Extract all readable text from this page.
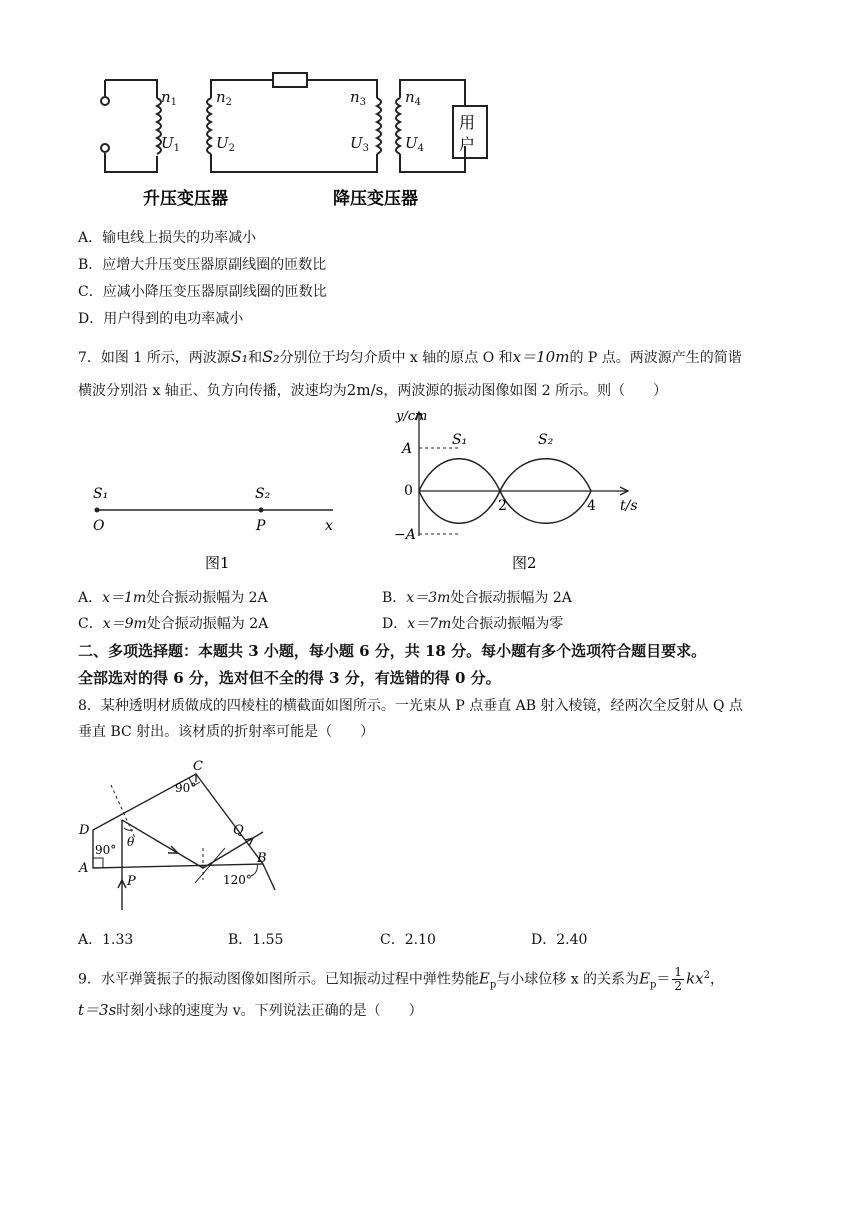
$n_1$
$U_1$
$n_2$
$U_2$
$n_3$
$U_3$
$n_4$
$U_4$
用
户
升压变压器	降压变压器
A．输电线上损失的功率减小
B．应增大升压变压器原副线圈的匝数比
C．应减小降压变压器原副线圈的匝数比
D．用户得到的电功率减小
7．如图 1 所示，两波源S₁和S₂分别位于均匀介质中 x 轴的原点 O 和x＝10m的 P 点。两波源产生的简谐
横波分别沿 x 轴正、负方向传播，波速均为2m/s，两波源的振动图像如图 2 所示。则（　　）
S₁	S₂
O	P	x
图1
y/cm
A
−A
0
2	4 t/s
S₁	S₂
图2
A．x＝1m处合振动振幅为 2A	B．x＝3m处合振动振幅为 2A
C．x＝9m处合振动振幅为 2A	D．x＝7m处合振动振幅为零
二、多项选择题：本题共 3 小题，每小题 6 分，共 18 分。每小题有多个选项符合题目要求。
全部选对的得 6 分，选对但不全的得 3 分，有选错的得 0 分。
8．某种透明材质做成的四棱柱的横截面如图所示。一光束从 P 点垂直 AB 射入棱镜，经两次全反射从 Q 点
垂直 BC 射出。该材质的折射率可能是（　　）
C
D
A
B
P
Q
θ
90°
90°
120°
A．1.33	B．1.55	C．2.10	D．2.40
9．水平弹簧振子的振动图像如图所示。已知振动过程中弹性势能$E_p$与小球位移 x 的关系为$E_p= \frac{1}{2} kx^2$，
t＝3s时刻小球的速度为 v。下列说法正确的是（　　）
